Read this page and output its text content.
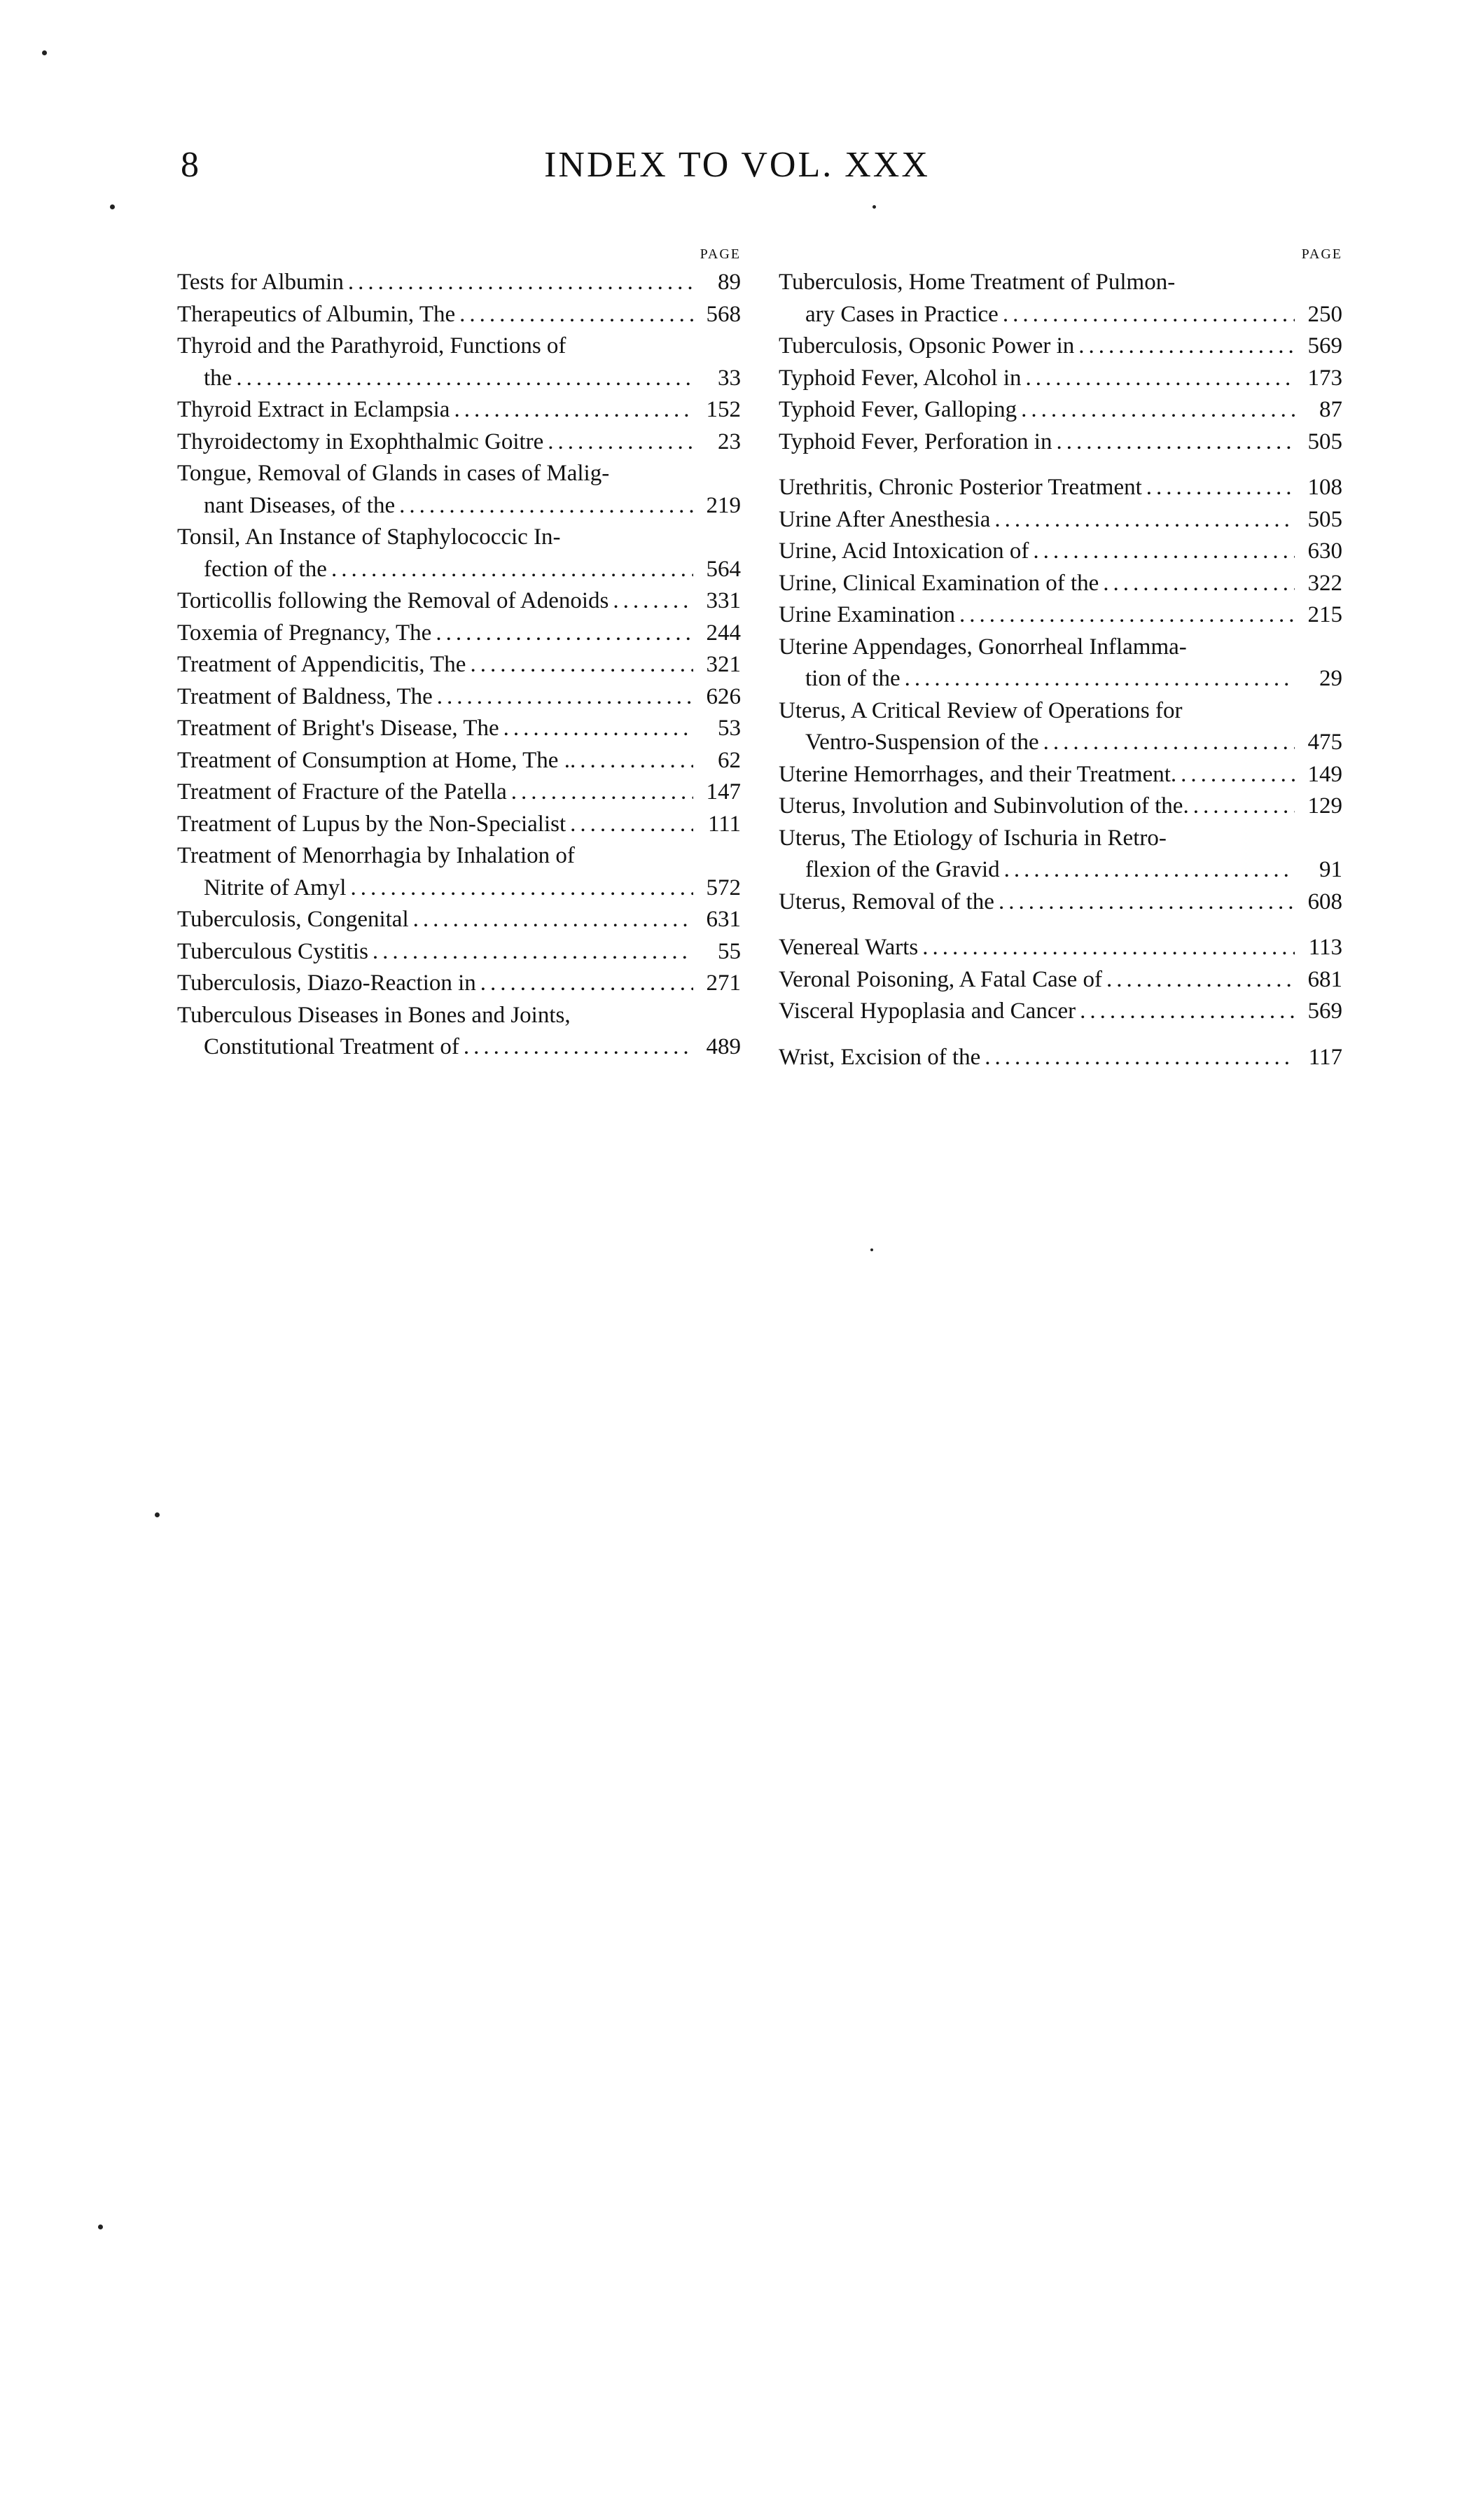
8	INDEX TO VOL. XXX
PAGE
Tests for Albumin .....	89
Therapeutics of Albumin, The .....	568
Thyroid and the Parathyroid, Functions of
the .....	33
Thyroid Extract in Eclampsia .....	152
Thyroidectomy in Exophthalmic Goitre .....	23
Tongue, Removal of Glands in cases of Malig-
nant Diseases, of the .....	219
Tonsil, An Instance of Staphylococcic In-
fection of the .....	564
Torticollis following the Removal of Adenoids .....	331
Toxemia of Pregnancy, The .....	244
Treatment of Appendicitis, The .....	321
Treatment of Baldness, The .....	626
Treatment of Bright's Disease, The .....	53
Treatment of Consumption at Home, The .. .....	62
Treatment of Fracture of the Patella .....	147
Treatment of Lupus by the Non-Specialist .....	111
Treatment of Menorrhagia by Inhalation of
Nitrite of Amyl .....	572
Tuberculosis, Congenital .....	631
Tuberculous Cystitis .....	55
Tuberculosis, Diazo-Reaction in .....	271
Tuberculous Diseases in Bones and Joints,
Constitutional Treatment of .....	489
PAGE
Tuberculosis, Home Treatment of Pulmon-
ary Cases in Practice .....	250
Tuberculosis, Opsonic Power in .....	569
Typhoid Fever, Alcohol in .....	173
Typhoid Fever, Galloping .....	87
Typhoid Fever, Perforation in .....	505
Urethritis, Chronic Posterior Treatment .....	108
Urine After Anesthesia .....	505
Urine, Acid Intoxication of .....	630
Urine, Clinical Examination of the .....	322
Urine Examination .....	215
Uterine Appendages, Gonorrheal Inflamma-
tion of the .....	29
Uterus, A Critical Review of Operations for
Ventro-Suspension of the .....	475
Uterine Hemorrhages, and their Treatment. .....	149
Uterus, Involution and Subinvolution of the. .....	129
Uterus, The Etiology of Ischuria in Retro-
flexion of the Gravid .....	91
Uterus, Removal of the .....	608
Venereal Warts .....	113
Veronal Poisoning, A Fatal Case of .....	681
Visceral Hypoplasia and Cancer .....	569
Wrist, Excision of the .....	117
